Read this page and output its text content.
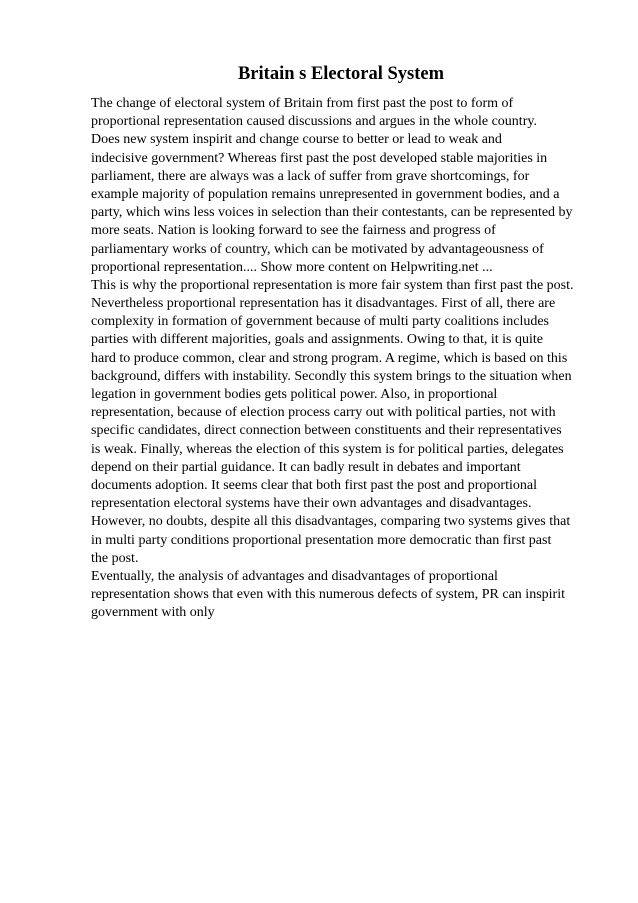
Britain s Electoral System
The change of electoral system of Britain from first past the post to form of
proportional representation caused discussions and argues in the whole country.
Does new system inspirit and change course to better or lead to weak and
indecisive government? Whereas first past the post developed stable majorities in
parliament, there are always was a lack of suffer from grave shortcomings, for
example majority of population remains unrepresented in government bodies, and a
party, which wins less voices in selection than their contestants, can be represented by
more seats. Nation is looking forward to see the fairness and progress of
parliamentary works of country, which can be motivated by advantageousness of
proportional representation.... Show more content on Helpwriting.net ...
This is why the proportional representation is more fair system than first past the post.
Nevertheless proportional representation has it disadvantages. First of all, there are
complexity in formation of government because of multi party coalitions includes
parties with different majorities, goals and assignments. Owing to that, it is quite
hard to produce common, clear and strong program. A regime, which is based on this
background, differs with instability. Secondly this system brings to the situation when
legation in government bodies gets political power. Also, in proportional
representation, because of election process carry out with political parties, not with
specific candidates, direct connection between constituents and their representatives
is weak. Finally, whereas the election of this system is for political parties, delegates
depend on their partial guidance. It can badly result in debates and important
documents adoption. It seems clear that both first past the post and proportional
representation electoral systems have their own advantages and disadvantages.
However, no doubts, despite all this disadvantages, comparing two systems gives that
in multi party conditions proportional presentation more democratic than first past
the post.
Eventually, the analysis of advantages and disadvantages of proportional
representation shows that even with this numerous defects of system, PR can inspirit
government with only
